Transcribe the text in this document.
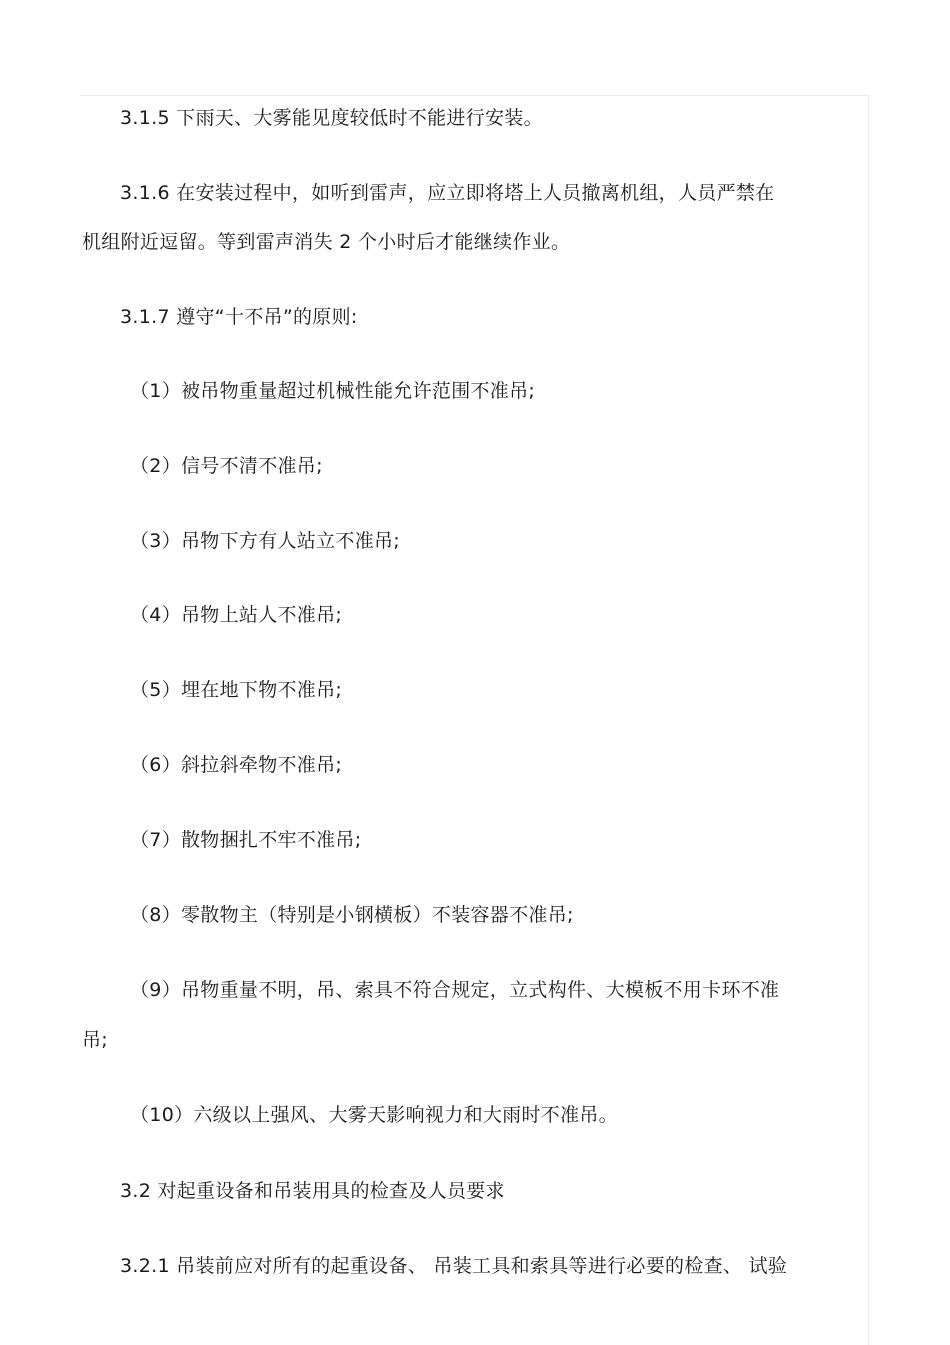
3.1.5 下雨天、大雾能见度较低时不能进行安装。
3.1.6 在安装过程中，如听到雷声，应立即将塔上人员撤离机组，人员严禁在
机组附近逗留。等到雷声消失 2 个小时后才能继续作业。
3.1.7 遵守“十不吊”的原则:
（1）被吊物重量超过机械性能允许范围不准吊;
（2）信号不清不准吊;
（3）吊物下方有人站立不准吊;
（4）吊物上站人不准吊;
（5）埋在地下物不准吊;
（6）斜拉斜牵物不准吊;
（7）散物捆扎不牢不准吊;
（8）零散物主（特别是小钢横板）不装容器不准吊;
（9）吊物重量不明，吊、索具不符合规定，立式构件、大模板不用卡环不准
吊;
（10）六级以上强风、大雾天影响视力和大雨时不准吊。
3.2 对起重设备和吊装用具的检查及人员要求
3.2.1 吊装前应对所有的起重设备、 吊装工具和索具等进行必要的检查、 试验
